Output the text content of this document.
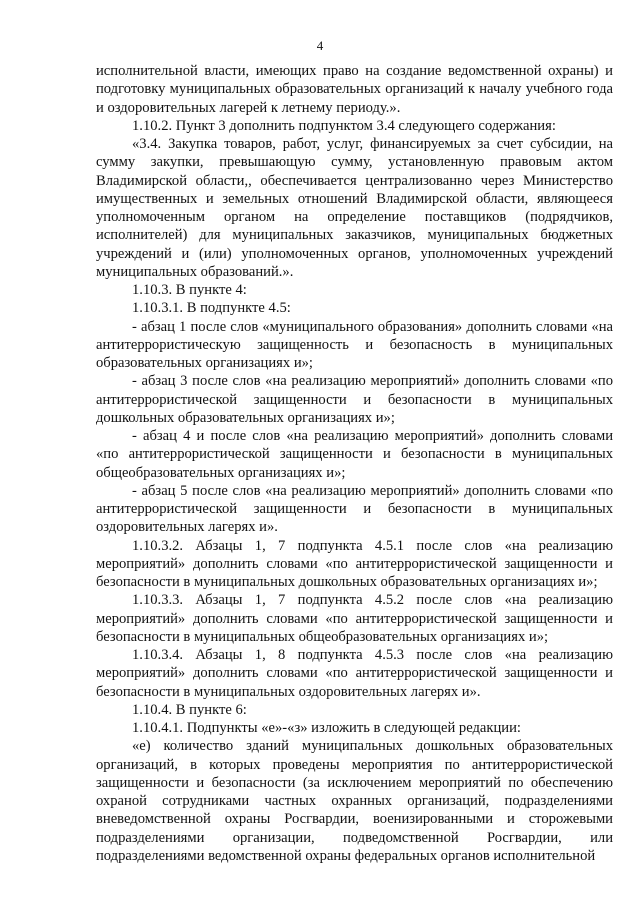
4

исполнительной власти, имеющих право на создание ведомственной охраны) и подготовку муниципальных образовательных организаций к началу учебного года и оздоровительных лагерей к летнему периоду.».

1.10.2. Пункт 3 дополнить подпунктом 3.4 следующего содержания:

«3.4. Закупка товаров, работ, услуг, финансируемых за счет субсидии, на сумму закупки, превышающую сумму, установленную правовым актом Владимирской области,, обеспечивается централизованно через Министерство имущественных и земельных отношений Владимирской области, являющееся уполномоченным органом на определение поставщиков (подрядчиков, исполнителей) для муниципальных заказчиков, муниципальных бюджетных учреждений и (или) уполномоченных органов, уполномоченных учреждений муниципальных образований.».

1.10.3. В пункте 4:

1.10.3.1. В подпункте 4.5:

- абзац 1 после слов «муниципального образования» дополнить словами «на антитеррористическую защищенность и безопасность в муниципальных образовательных организациях и»;

- абзац 3 после слов «на реализацию мероприятий» дополнить словами «по антитеррористической защищенности и безопасности в муниципальных дошкольных образовательных организациях и»;

- абзац 4 и после слов «на реализацию мероприятий» дополнить словами «по антитеррористической защищенности и безопасности в муниципальных общеобразовательных организациях и»;

- абзац 5 после слов «на реализацию мероприятий» дополнить словами «по антитеррористической защищенности и безопасности в муниципальных оздоровительных лагерях и».

1.10.3.2. Абзацы 1, 7 подпункта 4.5.1 после слов «на реализацию мероприятий» дополнить словами «по антитеррористической защищенности и безопасности в муниципальных дошкольных образовательных организациях и»;

1.10.3.3. Абзацы 1, 7 подпункта 4.5.2 после слов «на реализацию мероприятий» дополнить словами «по антитеррористической защищенности и безопасности в муниципальных общеобразовательных организациях и»;

1.10.3.4. Абзацы 1, 8 подпункта 4.5.3 после слов «на реализацию мероприятий» дополнить словами «по антитеррористической защищенности и безопасности в муниципальных оздоровительных лагерях и».

1.10.4. В пункте 6:

1.10.4.1. Подпункты «е»-«з» изложить в следующей редакции:

«е) количество зданий муниципальных дошкольных образовательных организаций, в которых проведены мероприятия по антитеррористической защищенности и безопасности (за исключением мероприятий по обеспечению охраной сотрудниками частных охранных организаций, подразделениями вневедомственной охраны Росгвардии, военизированными и сторожевыми подразделениями организации, подведомственной Росгвардии, или подразделениями ведомственной охраны федеральных органов исполнительной
